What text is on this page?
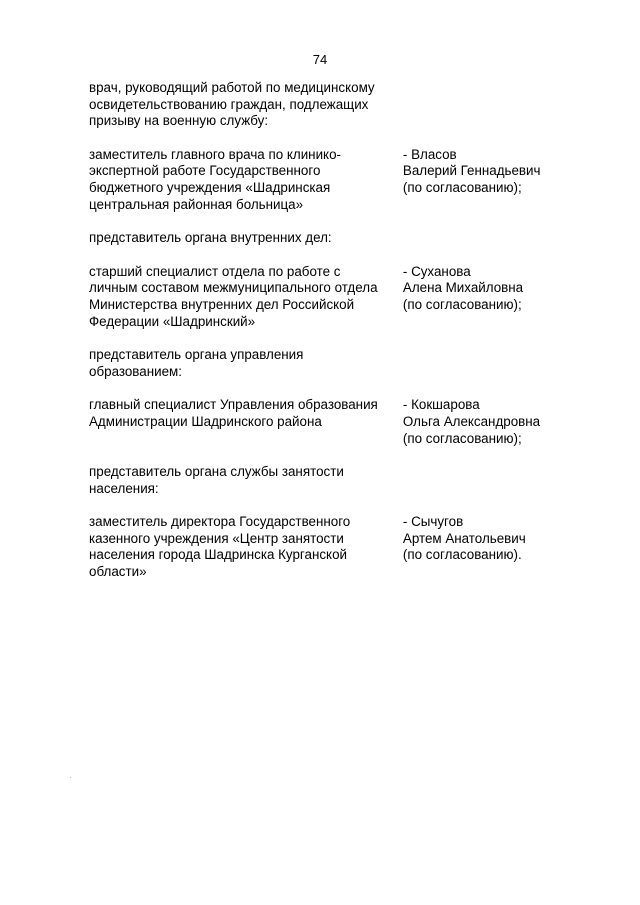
74
врач, руководящий работой по медицинскому
освидетельствованию граждан, подлежащих
призыву на военную службу:
заместитель главного врача по клинико-
экспертной работе Государственного
бюджетного учреждения «Шадринская
центральная районная больница»
- Власов
Валерий Геннадьевич
(по согласованию);
представитель органа внутренних дел:
старший специалист отдела по работе с
личным составом межмуниципального отдела
Министерства внутренних дел Российской
Федерации «Шадринский»
- Суханова
Алена Михайловна
(по согласованию);
представитель органа управления
образованием:
главный специалист Управления образования
Администрации Шадринского района
- Кокшарова
Ольга Александровна
(по согласованию);
представитель органа службы занятости
населения:
заместитель директора Государственного
казенного учреждения «Центр занятости
населения города Шадринска Курганской
области»
- Сычугов
Артем Анатольевич
(по согласованию).
